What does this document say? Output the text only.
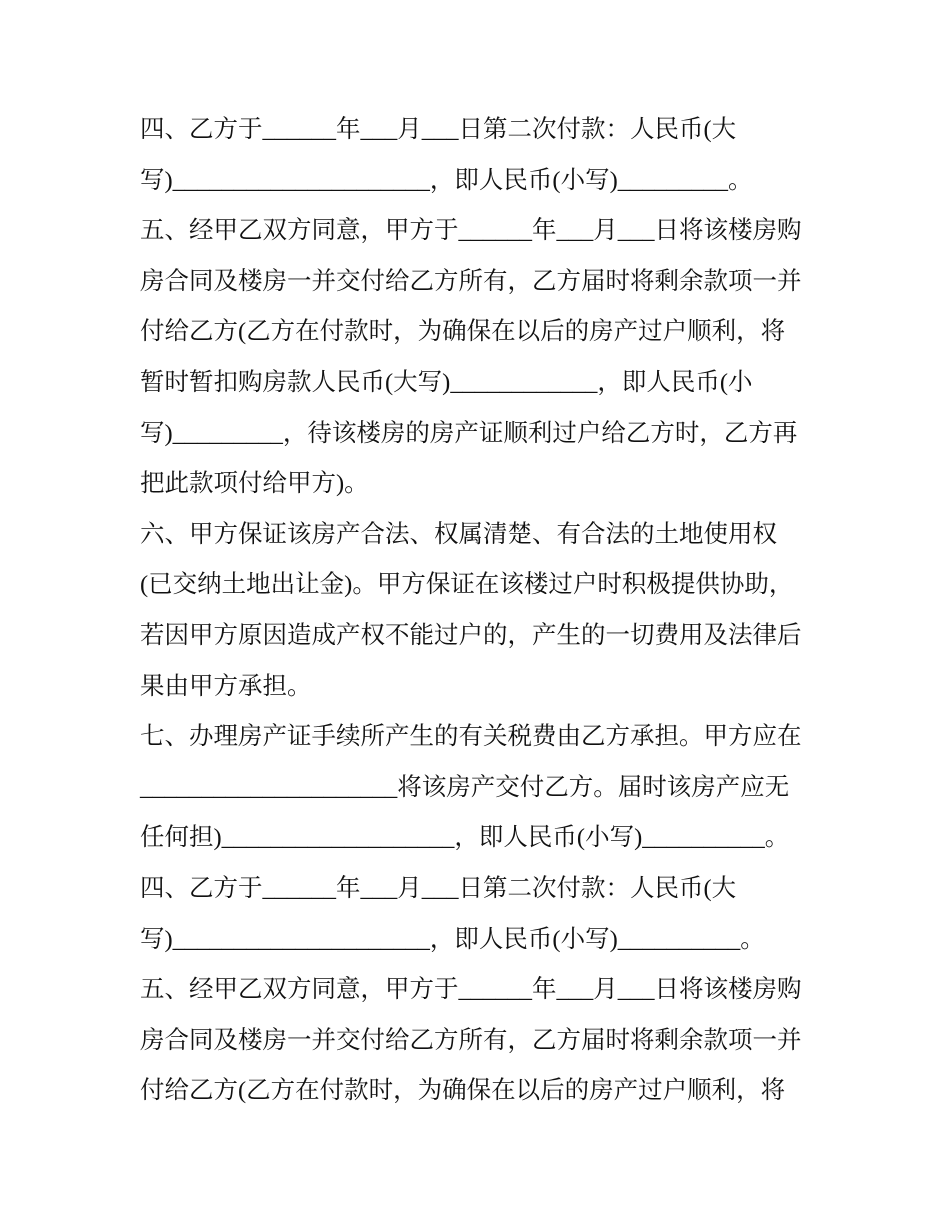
四、乙方于______年___月___日第二次付款：人民币(大
写)_____________________，即人民币(小写)_________。
五、经甲乙双方同意，甲方于______年___月___日将该楼房购
房合同及楼房一并交付给乙方所有，乙方届时将剩余款项一并
付给乙方(乙方在付款时，为确保在以后的房产过户顺利，将
暂时暂扣购房款人民币(大写)____________，即人民币(小
写)_________，待该楼房的房产证顺利过户给乙方时，乙方再
把此款项付给甲方)。
六、甲方保证该房产合法、权属清楚、有合法的土地使用权
(已交纳土地出让金)。甲方保证在该楼过户时积极提供协助，
若因甲方原因造成产权不能过户的，产生的一切费用及法律后
果由甲方承担。
七、办理房产证手续所产生的有关税费由乙方承担。甲方应在
_____________________将该房产交付乙方。届时该房产应无
任何担)___________________，即人民币(小写)__________。
四、乙方于______年___月___日第二次付款：人民币(大
写)_____________________，即人民币(小写)__________。
五、经甲乙双方同意，甲方于______年___月___日将该楼房购
房合同及楼房一并交付给乙方所有，乙方届时将剩余款项一并
付给乙方(乙方在付款时，为确保在以后的房产过户顺利，将
